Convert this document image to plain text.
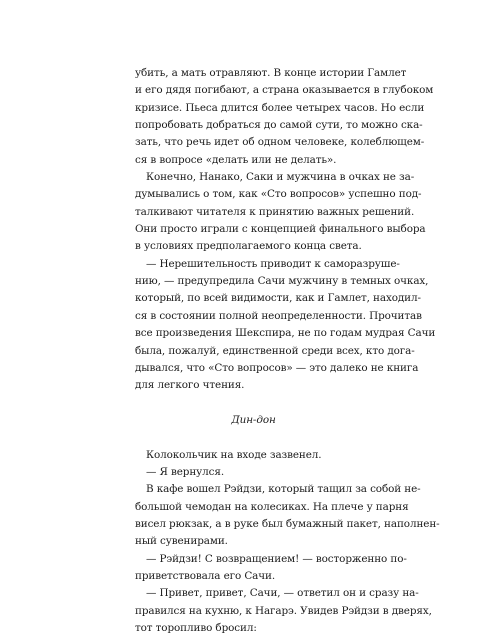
убить, а мать отравляют. В конце истории Гамлет
и его дядя погибают, а страна оказывается в глубоком
кризисе. Пьеса длится более четырех часов. Но если
попробовать добраться до самой сути, то можно ска-
зать, что речь идет об одном человеке, колеблющем-
ся в вопросе «делать или не делать».
Конечно, Нанако, Саки и мужчина в очках не за-
думывались о том, как «Сто вопросов» успешно под-
талкивают читателя к принятию важных решений.
Они просто играли с концепцией финального выбора
в условиях предполагаемого конца света.
— Нерешительность приводит к саморазруше-
нию, — предупредила Сачи мужчину в темных очках,
который, по всей видимости, как и Гамлет, находил-
ся в состоянии полной неопределенности. Прочитав
все произведения Шекспира, не по годам мудрая Сачи
была, пожалуй, единственной среди всех, кто дога-
дывался, что «Сто вопросов» — это далеко не книга
для легкого чтения.
Дин-дон
Колокольчик на входе зазвенел.
— Я вернулся.
В кафе вошел Рэйдзи, который тащил за собой не-
большой чемодан на колесиках. На плече у парня
висел рюкзак, а в руке был бумажный пакет, наполнен-
ный сувенирами.
— Рэйдзи! С возвращением! — восторженно по-
приветствовала его Сачи.
— Привет, привет, Сачи, — ответил он и сразу на-
правился на кухню, к Нагарэ. Увидев Рэйдзи в дверях,
тот торопливо бросил:
